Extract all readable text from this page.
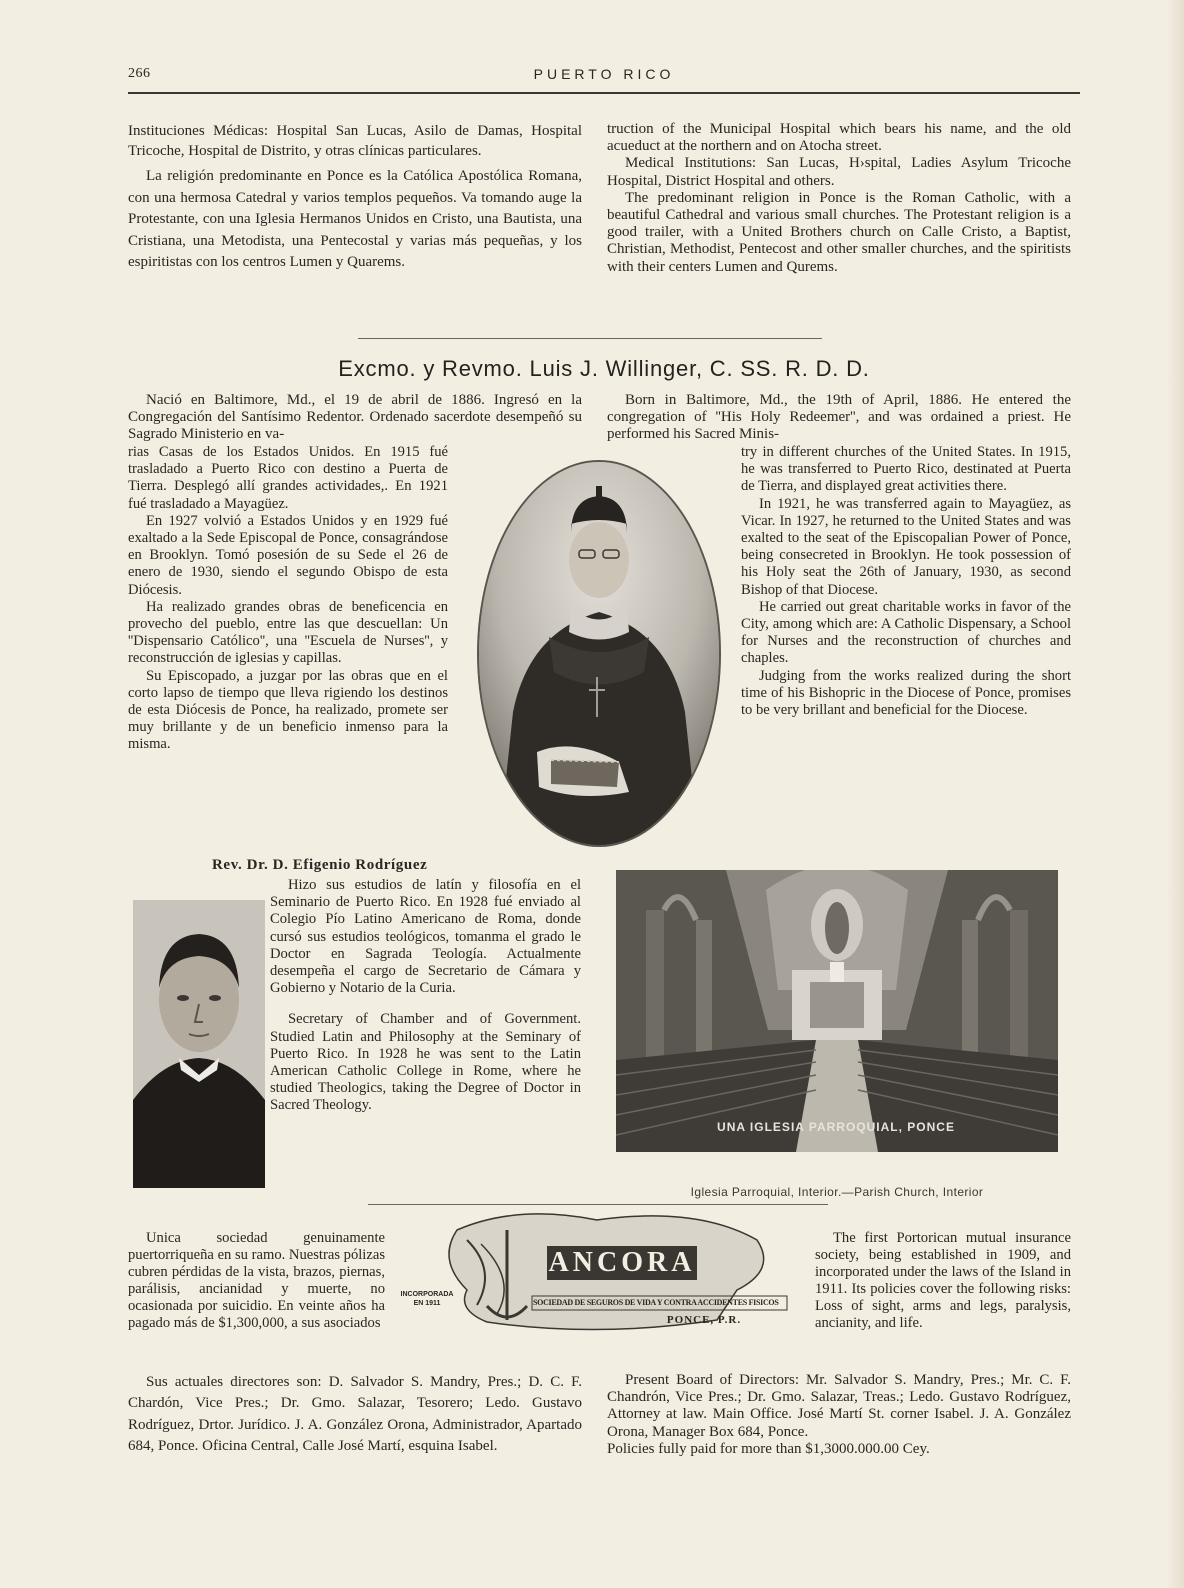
266	PUERTO RICO

Instituciones Médicas: Hospital San Lucas, Asilo de Damas, Hospital Tricoche, Hospital de Distrito, y otras clínicas particulares.

La religión predominante en Ponce es la Católica Apostólica Romana, con una hermosa Catedral y varios templos pequeños. Va tomando auge la Protestante, con una Iglesia Hermanos Unidos en Cristo, una Bautista, una Cristiana, una Metodista, una Pentecostal y varias más pequeñas, y los espiritistas con los centros Lumen y Quarems.

truction of the Municipal Hospital which bears his name, and the old acueduct at the northern and on Atocha street.

Medical Institutions: San Lucas, H›spital, Ladies Asylum Tricoche Hospital, District Hospital and others.

The predominant religion in Ponce is the Roman Catholic, with a beautiful Cathedral and various small churches. The Protestant religion is a good trailer, with a United Brothers church on Calle Cristo, a Baptist, Christian, Methodist, Pentecost and other smaller churches, and the spiritists with their centers Lumen and Qurems.

Excmo. y Revmo. Luis J. Willinger, C. SS. R. D. D.

Nació en Baltimore, Md., el 19 de abril de 1886. Ingresó en la Congregación del Santísimo Redentor. Ordenado sacerdote desempeñó su Sagrado Ministerio en va-

rias Casas de los Estados Unidos. En 1915 fué trasladado a Puerto Rico con destino a Puerta de Tierra. Desplegó allí grandes actividades,. En 1921 fué trasladado a Mayagüez.

En 1927 volvió a Estados Unidos y en 1929 fué exaltado a la Sede Episcopal de Ponce, consagrándose en Brooklyn. Tomó posesión de su Sede el 26 de enero de 1930, siendo el segundo Obispo de esta Diócesis.

Ha realizado grandes obras de beneficencia en provecho del pueblo, entre las que descuellan: Un ''Dispensario Católico'', una ''Escuela de Nurses'', y reconstrucción de iglesias y capillas.

Su Episcopado, a juzgar por las obras que en el corto lapso de tiempo que lleva rigiendo los destinos de esta Diócesis de Ponce, ha realizado, promete ser muy brillante y de un beneficio inmenso para la misma.

Born in Baltimore, Md., the 19th of April, 1886. He entered the congregation of ''His Holy Redeemer'', and was ordained a priest. He performed his Sacred Minis-

try in different churches of the United States. In 1915, he was transferred to Puerto Rico, destinated at Puerta de Tierra, and displayed great activities there.

In 1921, he was transferred again to Mayagüez, as Vicar. In 1927, he returned to the United States and was exalted to the seat of the Episcopalian Power of Ponce, being consecreted in Brooklyn. He took possession of his Holy seat the 26th of January, 1930, as second Bishop of that Diocese.

He carried out great charitable works in favor of the City, among which are: A Catholic Dispensary, a School for Nurses and the reconstruction of churches and chaples.

Judging from the works realized during the short time of his Bishopric in the Diocese of Ponce, promises to be very brillant and beneficial for the Diocese.

Rev. Dr. D. Efigenio Rodríguez

Hizo sus estudios de latín y filosofía en el Seminario de Puerto Rico. En 1928 fué enviado al Colegio Pío Latino Americano de Roma, donde cursó sus estudios teológicos, tomanma el grado le Doctor en Sagrada Teología. Actualmente desempeña el cargo de Secretario de Cámara y Gobierno y Notario de la Curia.

Secretary of Chamber and of Government. Studied Latin and Philosophy at the Seminary of Puerto Rico. In 1928 he was sent to the Latin American Catholic College in Rome, where he studied Theologics, taking the Degree of Doctor in Sacred Theology.

UNA IGLESIA PARROQUIAL, PONCE
Iglesia Parroquial, Interior.—Parish Church, Interior

Unica sociedad genuinamente puertorriqueña en su ramo. Nuestras pólizas cubren pérdidas de la vista, brazos, piernas, parálisis, ancianidad y muerte, no ocasionada por suicidio. En veinte años ha pagado más de $1,300,000, a sus asociados

ANCORA
INCORPORADA EN 1911	SOCIEDAD DE SEGUROS DE VIDA Y CONTRA ACCIDENTES FISICOS
PONCE, P.R.

The first Portorican mutual insurance society, being established in 1909, and incorporated under the laws of the Island in 1911. Its policies cover the following risks: Loss of sight, arms and legs, paralysis, ancianity, and life.

Sus actuales directores son: D. Salvador S. Mandry, Pres.; D. C. F. Chardón, Vice Pres.; Dr. Gmo. Salazar, Tesorero; Ledo. Gustavo Rodríguez, Drtor. Jurídico. J. A. González Orona, Administrador, Apartado 684, Ponce. Oficina Central, Calle José Martí, esquina Isabel.

Present Board of Directors: Mr. Salvador S. Mandry, Pres.; Mr. C. F. Chandrón, Vice Pres.; Dr. Gmo. Salazar, Treas.; Ledo. Gustavo Rodríguez, Attorney at law. Main Office. José Martí St. corner Isabel. J. A. González Orona, Manager Box 684, Ponce.

Policies fully paid for more than $1,3000.000.00 Cey.
